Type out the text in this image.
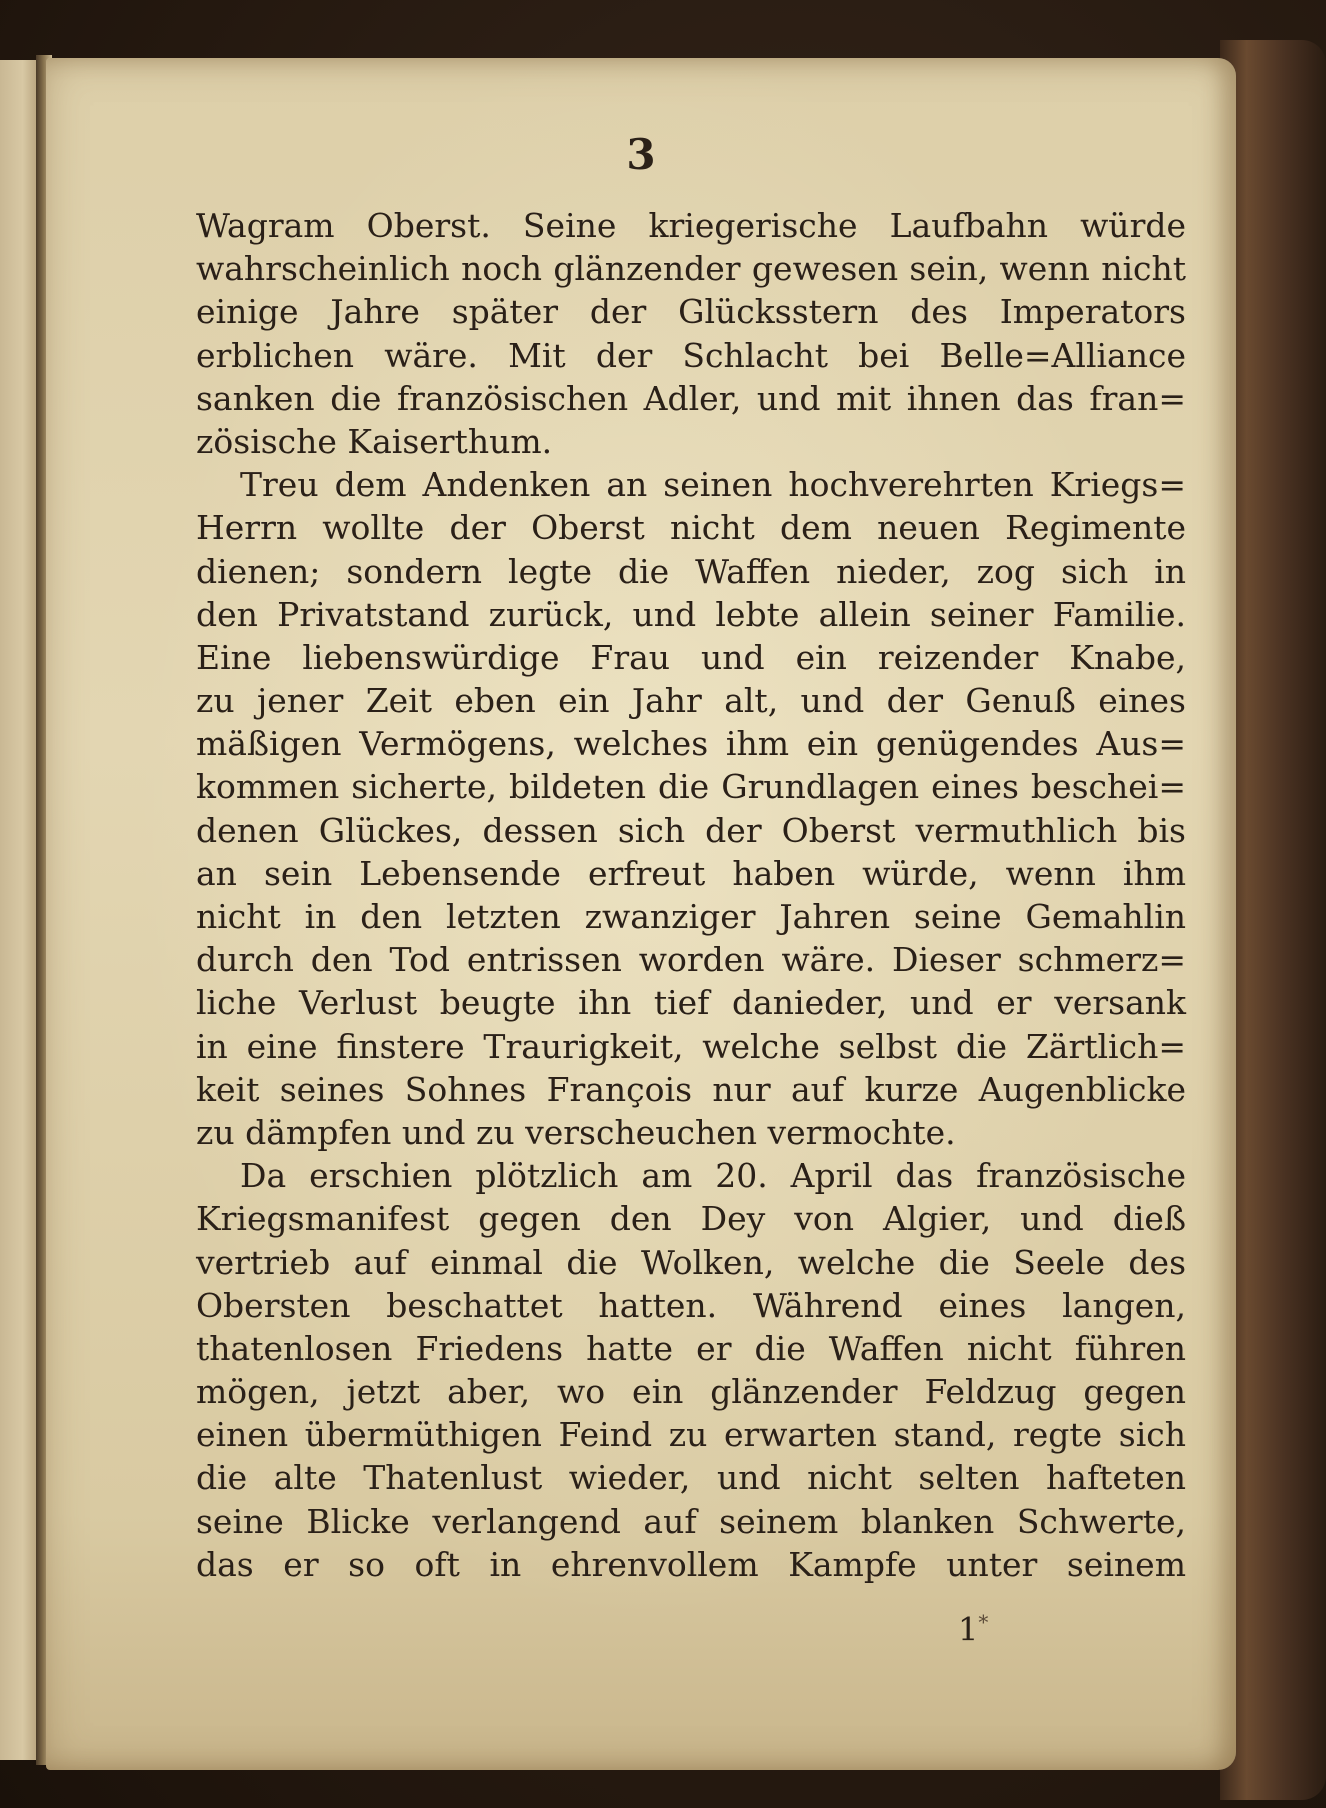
3
Wagram Oberst. Seine kriegerische Laufbahn würde
wahrscheinlich noch glänzender gewesen sein, wenn nicht
einige Jahre später der Glücksstern des Imperators
erblichen wäre. Mit der Schlacht bei Belle=Alliance
sanken die französischen Adler, und mit ihnen das fran=
zösische Kaiserthum.
Treu dem Andenken an seinen hochverehrten Kriegs=
Herrn wollte der Oberst nicht dem neuen Regimente
dienen; sondern legte die Waffen nieder, zog sich in
den Privatstand zurück, und lebte allein seiner Familie.
Eine liebenswürdige Frau und ein reizender Knabe,
zu jener Zeit eben ein Jahr alt, und der Genuß eines
mäßigen Vermögens, welches ihm ein genügendes Aus=
kommen sicherte, bildeten die Grundlagen eines beschei=
denen Glückes, dessen sich der Oberst vermuthlich bis
an sein Lebensende erfreut haben würde, wenn ihm
nicht in den letzten zwanziger Jahren seine Gemahlin
durch den Tod entrissen worden wäre. Dieser schmerz=
liche Verlust beugte ihn tief danieder, und er versank
in eine finstere Traurigkeit, welche selbst die Zärtlich=
keit seines Sohnes François nur auf kurze Augenblicke
zu dämpfen und zu verscheuchen vermochte.
Da erschien plötzlich am 20. April das französische
Kriegsmanifest gegen den Dey von Algier, und dieß
vertrieb auf einmal die Wolken, welche die Seele des
Obersten beschattet hatten. Während eines langen,
thatenlosen Friedens hatte er die Waffen nicht führen
mögen, jetzt aber, wo ein glänzender Feldzug gegen
einen übermüthigen Feind zu erwarten stand, regte sich
die alte Thatenlust wieder, und nicht selten hafteten
seine Blicke verlangend auf seinem blanken Schwerte,
das er so oft in ehrenvollem Kampfe unter seinem
1*
